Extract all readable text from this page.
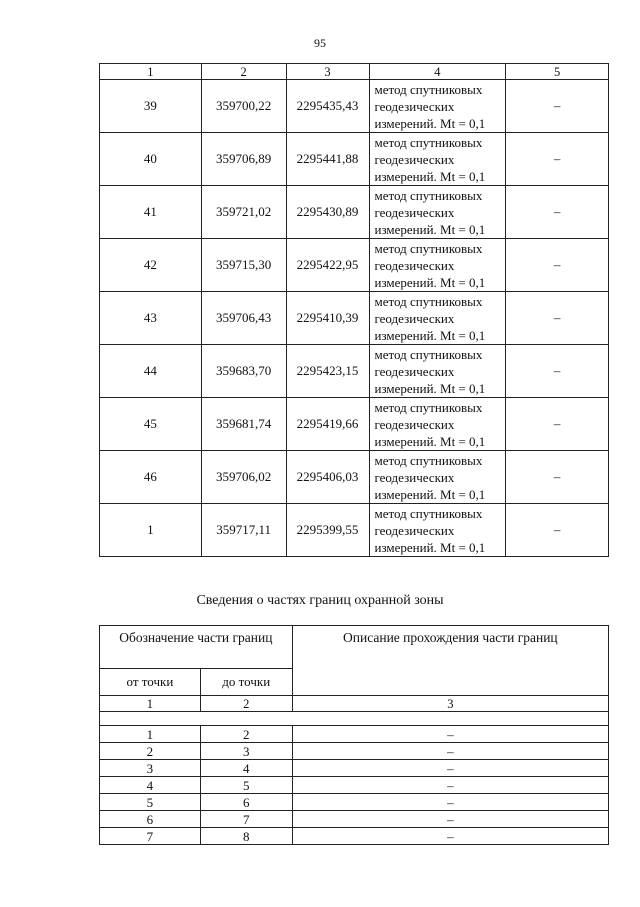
95
1	2	3	4	5
39	359700,22	2295435,43	метод спутниковых
геодезических
измерений. Mt = 0,1	–
40	359706,89	2295441,88	метод спутниковых
геодезических
измерений. Mt = 0,1	–
41	359721,02	2295430,89	метод спутниковых
геодезических
измерений. Mt = 0,1	–
42	359715,30	2295422,95	метод спутниковых
геодезических
измерений. Mt = 0,1	–
43	359706,43	2295410,39	метод спутниковых
геодезических
измерений. Mt = 0,1	–
44	359683,70	2295423,15	метод спутниковых
геодезических
измерений. Mt = 0,1	–
45	359681,74	2295419,66	метод спутниковых
геодезических
измерений. Mt = 0,1	–
46	359706,02	2295406,03	метод спутниковых
геодезических
измерений. Mt = 0,1	–
1	359717,11	2295399,55	метод спутниковых
геодезических
измерений. Mt = 0,1	–
Сведения о частях границ охранной зоны
Обозначение части границ		Описание прохождения части границ
от точки	до точки	
1	2	3

1	2	–
2	3	–
3	4	–
4	5	–
5	6	–
6	7	–
7	8	–
